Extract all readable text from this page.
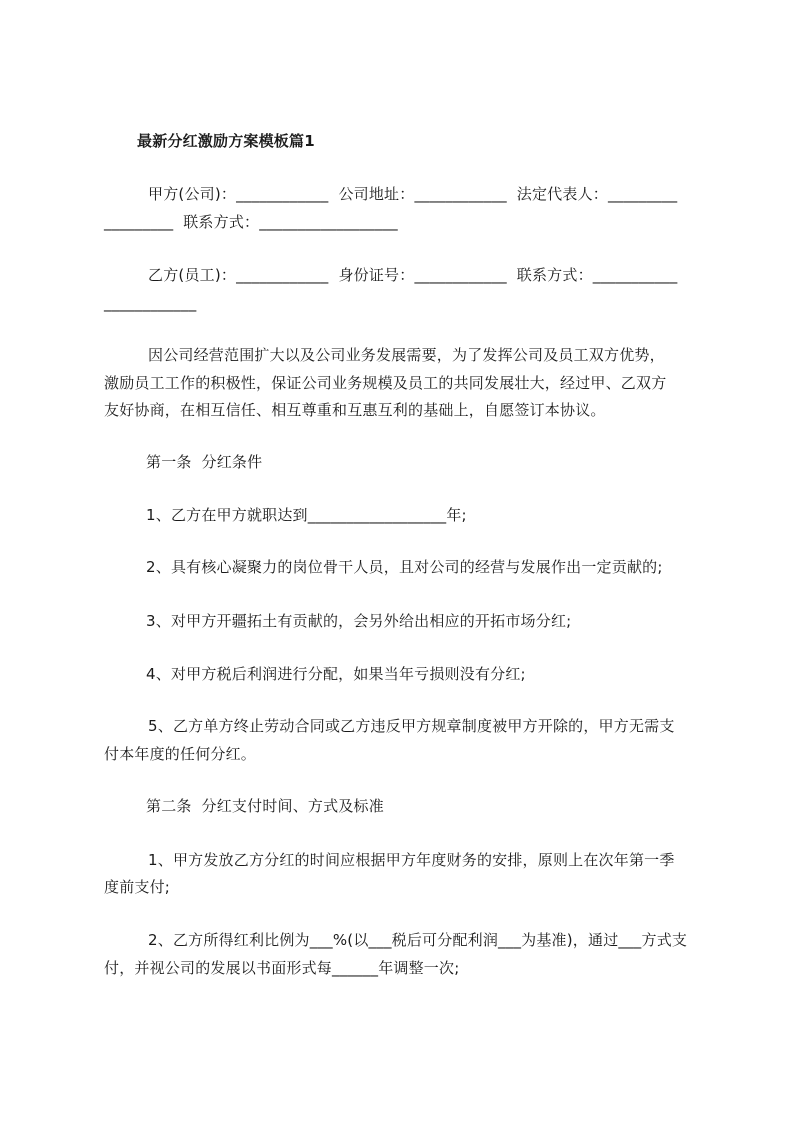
最新分红激励方案模板篇1
甲方(公司)：____________  公司地址：____________  法定代表人：_________
_________  联系方式：__________________
乙方(员工)：____________  身份证号：____________  联系方式：___________
____________
因公司经营范围扩大以及公司业务发展需要，为了发挥公司及员工双方优势，
激励员工工作的积极性，保证公司业务规模及员工的共同发展壮大，经过甲、乙双方
友好协商，在相互信任、相互尊重和互惠互利的基础上，自愿签订本协议。
第一条  分红条件
1、乙方在甲方就职达到__________________年;
2、具有核心凝聚力的岗位骨干人员，且对公司的经营与发展作出一定贡献的;
3、对甲方开疆拓土有贡献的，会另外给出相应的开拓市场分红;
4、对甲方税后利润进行分配，如果当年亏损则没有分红;
5、乙方单方终止劳动合同或乙方违反甲方规章制度被甲方开除的，甲方无需支
付本年度的任何分红。
第二条  分红支付时间、方式及标准
1、甲方发放乙方分红的时间应根据甲方年度财务的安排，原则上在次年第一季
度前支付;
2、乙方所得红利比例为___%(以___税后可分配利润___为基准)，通过___方式支
付，并视公司的发展以书面形式每______年调整一次;
